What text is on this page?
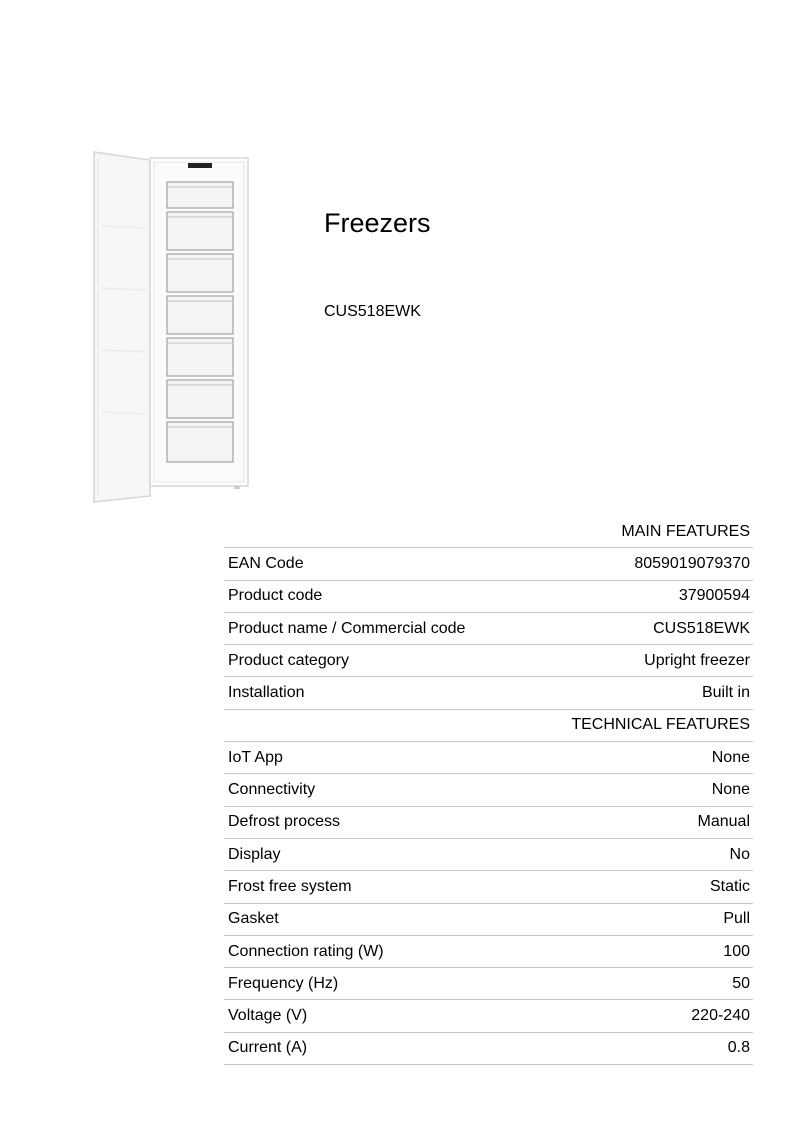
Freezers
CUS518EWK
	MAIN FEATURES
EAN Code	8059019079370
Product code	37900594
Product name / Commercial code	CUS518EWK
Product category	Upright freezer
Installation	Built in
	TECHNICAL FEATURES
IoT App	None
Connectivity	None
Defrost process	Manual
Display	No
Frost free system	Static
Gasket	Pull
Connection rating (W)	100
Frequency (Hz)	50
Voltage (V)	220-240
Current (A)	0.8
